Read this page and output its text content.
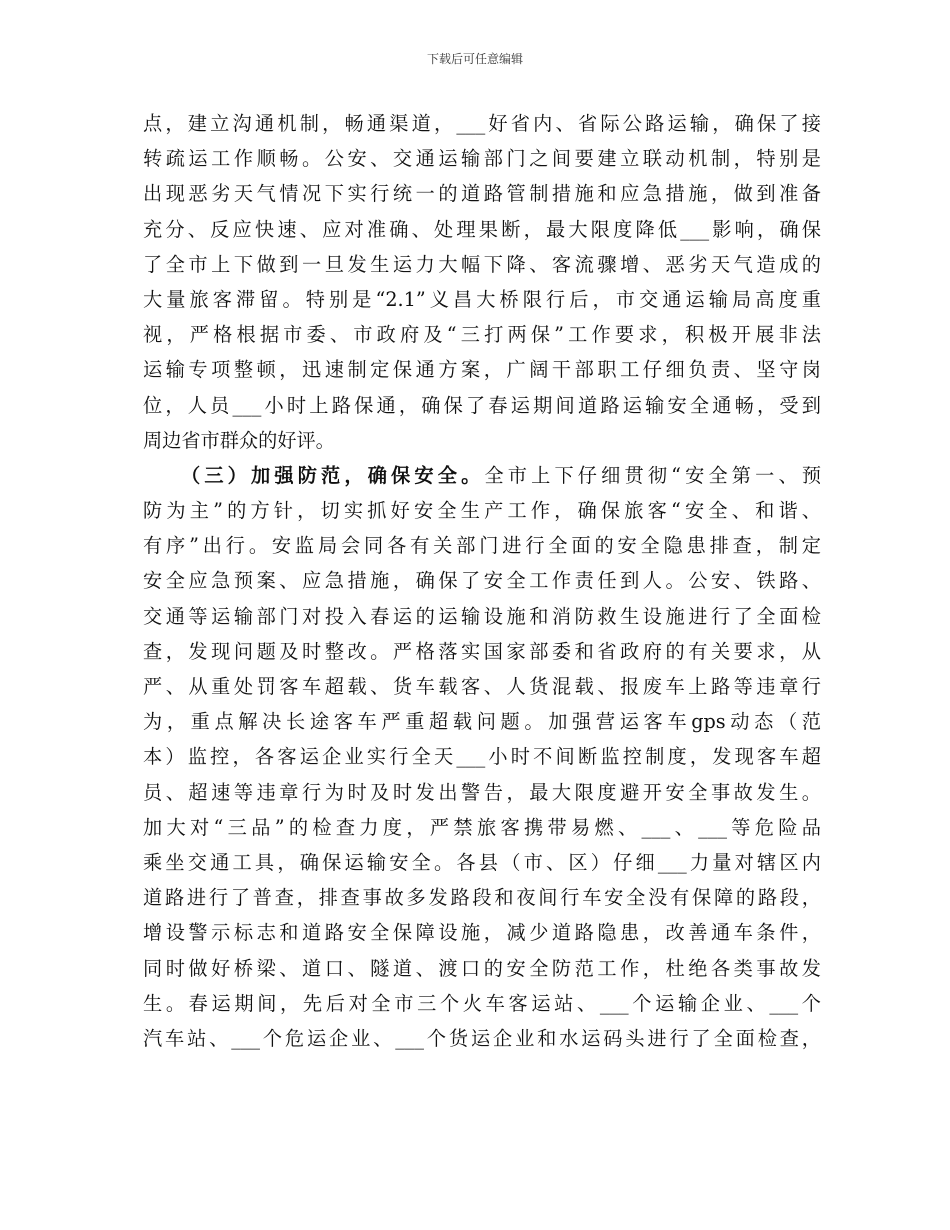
下载后可任意编辑
点，建立沟通机制，畅通渠道，___好省内、省际公路运输，确保了接
转疏运工作顺畅。公安、交通运输部门之间要建立联动机制，特别是
出现恶劣天气情况下实行统一的道路管制措施和应急措施，做到准备
充分、反应快速、应对准确、处理果断，最大限度降低___影响，确保
了全市上下做到一旦发生运力大幅下降、客流骤增、恶劣天气造成的
大量旅客滞留。特别是“2.1”义昌大桥限行后，市交通运输局高度重
视，严格根据市委、市政府及“三打两保”工作要求，积极开展非法
运输专项整顿，迅速制定保通方案，广阔干部职工仔细负责、坚守岗
位，人员___小时上路保通，确保了春运期间道路运输安全通畅，受到
周边省市群众的好评。
（三）加强防范，确保安全。全市上下仔细贯彻“安全第一、预
防为主”的方针，切实抓好安全生产工作，确保旅客“安全、和谐、
有序”出行。安监局会同各有关部门进行全面的安全隐患排查，制定
安全应急预案、应急措施，确保了安全工作责任到人。公安、铁路、
交通等运输部门对投入春运的运输设施和消防救生设施进行了全面检
查，发现问题及时整改。严格落实国家部委和省政府的有关要求，从
严、从重处罚客车超载、货车载客、人货混载、报废车上路等违章行
为，重点解决长途客车严重超载问题。加强营运客车gps动态（范
本）监控，各客运企业实行全天___小时不间断监控制度，发现客车超
员、超速等违章行为时及时发出警告，最大限度避开安全事故发生。
加大对“三品”的检查力度，严禁旅客携带易燃、___、___等危险品
乘坐交通工具，确保运输安全。各县（市、区）仔细___力量对辖区内
道路进行了普查，排查事故多发路段和夜间行车安全没有保障的路段，
增设警示标志和道路安全保障设施，减少道路隐患，改善通车条件，
同时做好桥梁、道口、隧道、渡口的安全防范工作，杜绝各类事故发
生。春运期间，先后对全市三个火车客运站、___个运输企业、___个
汽车站、___个危运企业、___个货运企业和水运码头进行了全面检查，
